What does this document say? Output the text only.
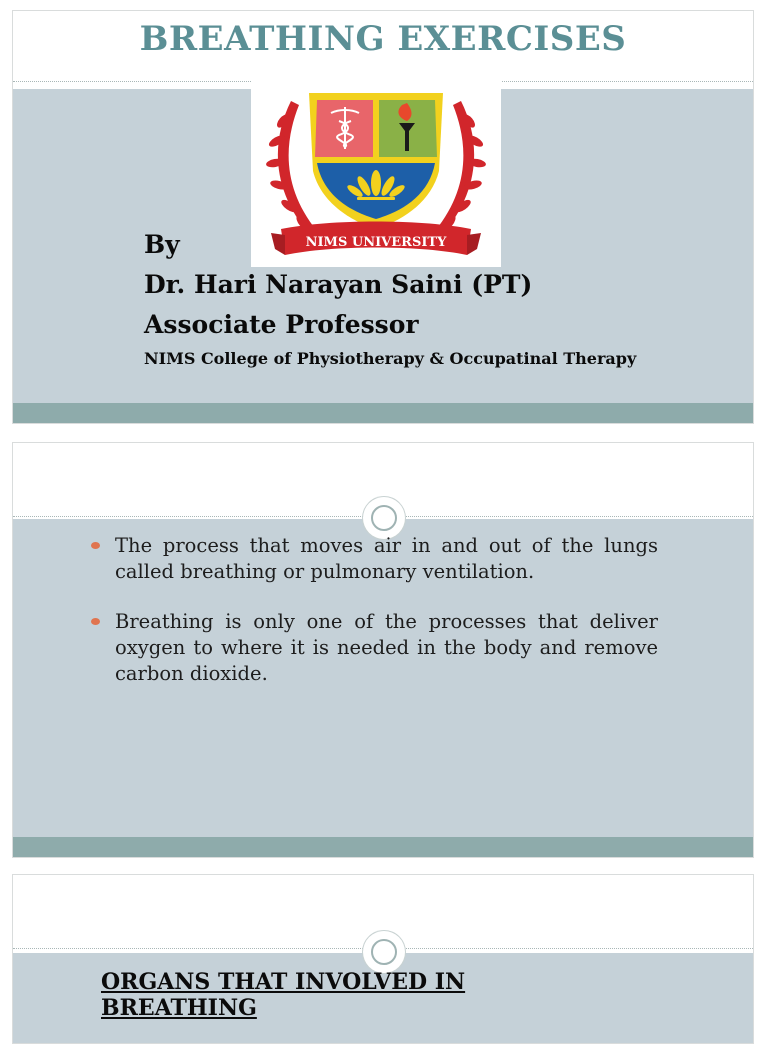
BREATHING EXERCISES
NIMS UNIVERSITY
By
Dr. Hari Narayan Saini (PT)
Associate Professor
NIMS College of Physiotherapy & Occupatinal Therapy
The process that moves air in and out of the lungs called breathing or pulmonary ventilation.
Breathing is only one of the processes that deliver oxygen to where it is needed in the body and remove carbon dioxide.
ORGANS THAT INVOLVED IN BREATHING
